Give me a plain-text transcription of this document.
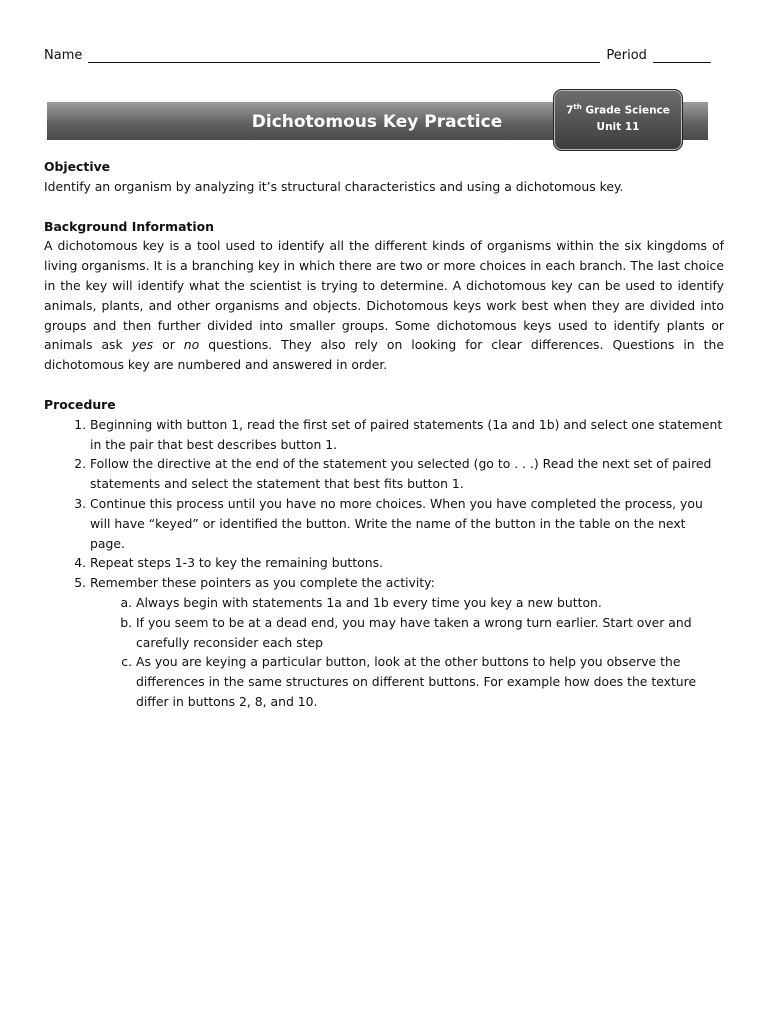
Name	Period
Dichotomous Key Practice
7th Grade Science
Unit 11
Objective

Identify an organism by analyzing it’s structural characteristics and using a dichotomous key.

Background Information

A dichotomous key is a tool used to identify all the different kinds of organisms within the six kingdoms of living organisms. It is a branching key in which there are two or more choices in each branch. The last choice in the key will identify what the scientist is trying to determine. A dichotomous key can be used to identify animals, plants, and other organisms and objects. Dichotomous keys work best when they are divided into groups and then further divided into smaller groups. Some dichotomous keys used to identify plants or animals ask yes or no questions. They also rely on looking for clear differences. Questions in the dichotomous key are numbered and answered in order.

Procedure
1. Beginning with button 1, read the first set of paired statements (1a and 1b) and select one statement in the pair that best describes button 1.
2. Follow the directive at the end of the statement you selected (go to . . .) Read the next set of paired statements and select the statement that best fits button 1.
3. Continue this process until you have no more choices. When you have completed the process, you will have “keyed” or identified the button. Write the name of the button in the table on the next page.
4. Repeat steps 1-3 to key the remaining buttons.
5. Remember these pointers as you complete the activity:
a. Always begin with statements 1a and 1b every time you key a new button.
b. If you seem to be at a dead end, you may have taken a wrong turn earlier. Start over and carefully reconsider each step
c. As you are keying a particular button, look at the other buttons to help you observe the differences in the same structures on different buttons. For example how does the texture differ in buttons 2, 8, and 10.
